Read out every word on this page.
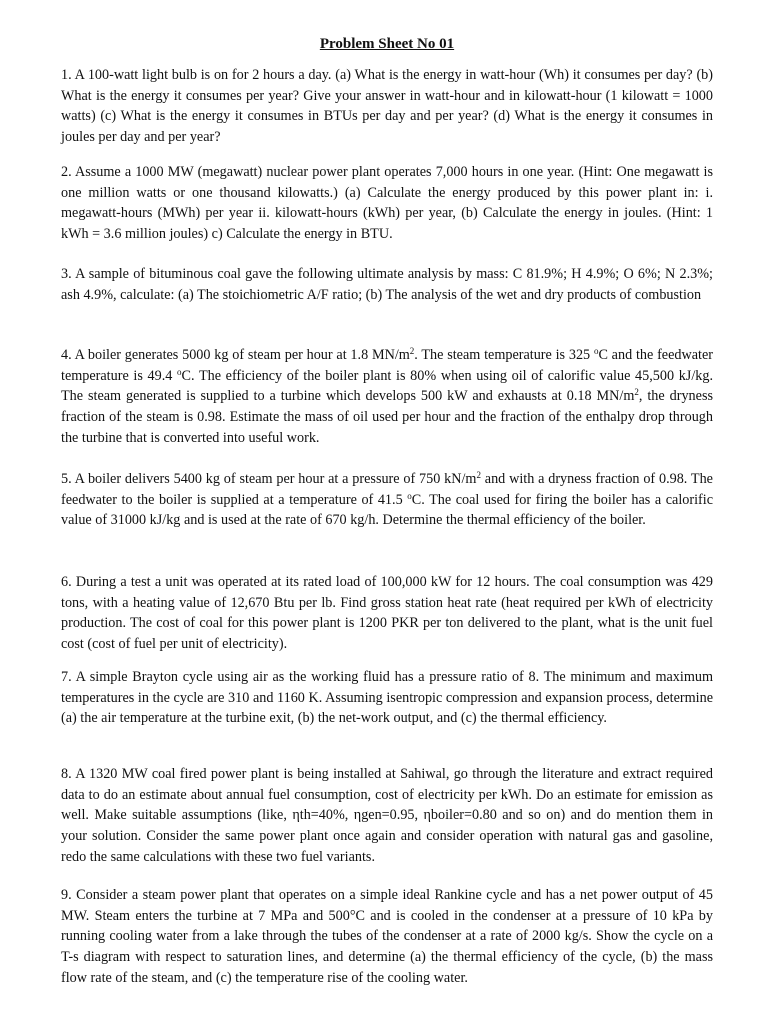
Problem Sheet No 01

1. A 100-watt light bulb is on for 2 hours a day. (a) What is the energy in watt-hour (Wh) it consumes per day? (b) What is the energy it consumes per year? Give your answer in watt-hour and in kilowatt-hour (1 kilowatt = 1000 watts) (c) What is the energy it consumes in BTUs per day and per year? (d) What is the energy it consumes in joules per day and per year?

2. Assume a 1000 MW (megawatt) nuclear power plant operates 7,000 hours in one year. (Hint: One megawatt is one million watts or one thousand kilowatts.) (a) Calculate the energy produced by this power plant in: i. megawatt-hours (MWh) per year ii. kilowatt-hours (kWh) per year, (b) Calculate the energy in joules. (Hint: 1 kWh = 3.6 million joules) c) Calculate the energy in BTU.

3. A sample of bituminous coal gave the following ultimate analysis by mass: C 81.9%; H 4.9%; O 6%; N 2.3%; ash 4.9%, calculate: (a) The stoichiometric A/F ratio; (b) The analysis of the wet and dry products of combustion

4. A boiler generates 5000 kg of steam per hour at 1.8 $MN/m^2$. The steam temperature is 325 $^o$C and the feedwater temperature is 49.4 $^o$C. The efficiency of the boiler plant is 80% when using oil of calorific value 45,500 kJ/kg. The steam generated is supplied to a turbine which develops 500 kW and exhausts at 0.18 $MN/m^2$, the dryness fraction of the steam is 0.98. Estimate the mass of oil used per hour and the fraction of the enthalpy drop through the turbine that is converted into useful work.

5. A boiler delivers 5400 kg of steam per hour at a pressure of 750 $kN/m^2$ and with a dryness fraction of 0.98. The feedwater to the boiler is supplied at a temperature of 41.5 $^o$C. The coal used for firing the boiler has a calorific value of 31000 kJ/kg and is used at the rate of 670 kg/h. Determine the thermal efficiency of the boiler.

6. During a test a unit was operated at its rated load of 100,000 kW for 12 hours. The coal consumption was 429 tons, with a heating value of 12,670 Btu per lb. Find gross station heat rate (heat required per kWh of electricity production. The cost of coal for this power plant is 1200 PKR per ton delivered to the plant, what is the unit fuel cost (cost of fuel per unit of electricity).

7. A simple Brayton cycle using air as the working fluid has a pressure ratio of 8. The minimum and maximum temperatures in the cycle are 310 and 1160 K. Assuming isentropic compression and expansion process, determine (a) the air temperature at the turbine exit, (b) the net-work output, and (c) the thermal efficiency.

8. A 1320 MW coal fired power plant is being installed at Sahiwal, go through the literature and extract required data to do an estimate about annual fuel consumption, cost of electricity per kWh. Do an estimate for emission as well. Make suitable assumptions (like, ηth=40%, ηgen=0.95, ηboiler=0.80 and so on) and do mention them in your solution. Consider the same power plant once again and consider operation with natural gas and gasoline, redo the same calculations with these two fuel variants.

9. Consider a steam power plant that operates on a simple ideal Rankine cycle and has a net power output of 45 MW. Steam enters the turbine at 7 MPa and 500°C and is cooled in the condenser at a pressure of 10 kPa by running cooling water from a lake through the tubes of the condenser at a rate of 2000 kg/s. Show the cycle on a T-s diagram with respect to saturation lines, and determine (a) the thermal efficiency of the cycle, (b) the mass flow rate of the steam, and (c) the temperature rise of the cooling water.
